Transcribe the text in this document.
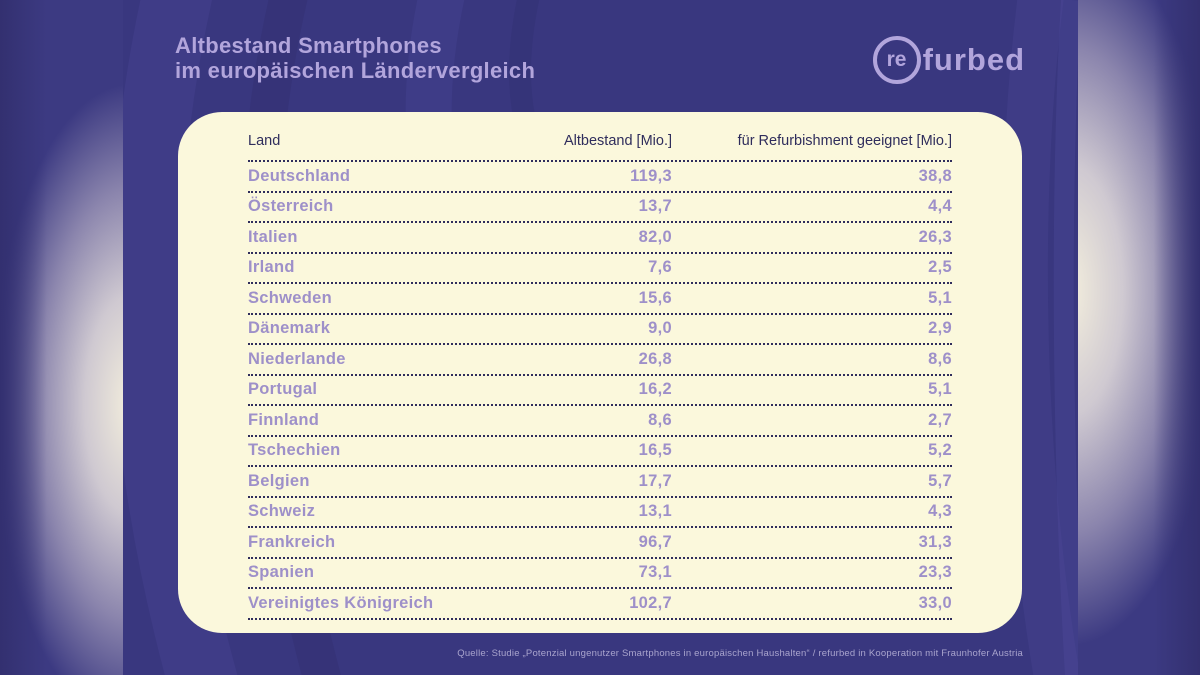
Altbestand Smartphones
im europäischen Ländervergleich	re furbed
Land	Altbestand [Mio.]	für Refurbishment geeignet [Mio.]
Deutschland	119,3	38,8
Österreich	13,7	4,4
Italien	82,0	26,3
Irland	7,6	2,5
Schweden	15,6	5,1
Dänemark	9,0	2,9
Niederlande	26,8	8,6
Portugal	16,2	5,1
Finnland	8,6	2,7
Tschechien	16,5	5,2
Belgien	17,7	5,7
Schweiz	13,1	4,3
Frankreich	96,7	31,3
Spanien	73,1	23,3
Vereinigtes Königreich	102,7	33,0
Quelle: Studie „Potenzial ungenutzer Smartphones in europäischen Haushalten“ / refurbed in Kooperation mit Fraunhofer Austria
